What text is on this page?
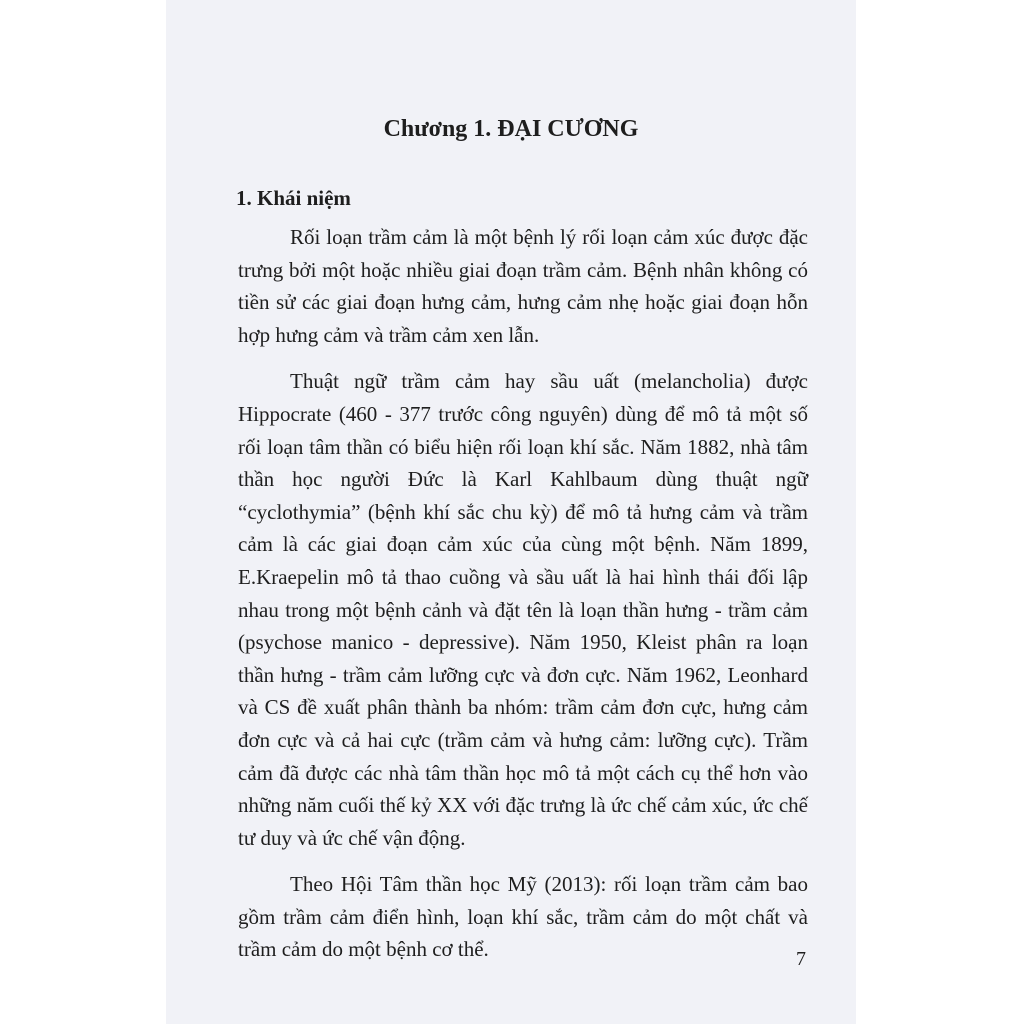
Chương 1. ĐẠI CƯƠNG
1. Khái niệm

Rối loạn trầm cảm là một bệnh lý rối loạn cảm xúc được đặc trưng bởi một hoặc nhiều giai đoạn trầm cảm. Bệnh nhân không có tiền sử các giai đoạn hưng cảm, hưng cảm nhẹ hoặc giai đoạn hỗn hợp hưng cảm và trầm cảm xen lẫn.

Thuật ngữ trầm cảm hay sầu uất (melancholia) được Hippocrate (460 - 377 trước công nguyên) dùng để mô tả một số rối loạn tâm thần có biểu hiện rối loạn khí sắc. Năm 1882, nhà tâm thần học người Đức là Karl Kahlbaum dùng thuật ngữ “cyclothymia” (bệnh khí sắc chu kỳ) để mô tả hưng cảm và trầm cảm là các giai đoạn cảm xúc của cùng một bệnh. Năm 1899, E.Kraepelin mô tả thao cuồng và sầu uất là hai hình thái đối lập nhau trong một bệnh cảnh và đặt tên là loạn thần hưng - trầm cảm (psychose manico - depressive). Năm 1950, Kleist phân ra loạn thần hưng - trầm cảm lưỡng cực và đơn cực. Năm 1962, Leonhard và CS đề xuất phân thành ba nhóm: trầm cảm đơn cực, hưng cảm đơn cực và cả hai cực (trầm cảm và hưng cảm: lưỡng cực). Trầm cảm đã được các nhà tâm thần học mô tả một cách cụ thể hơn vào những năm cuối thế kỷ XX với đặc trưng là ức chế cảm xúc, ức chế tư duy và ức chế vận động.

Theo Hội Tâm thần học Mỹ (2013): rối loạn trầm cảm bao gồm trầm cảm điển hình, loạn khí sắc, trầm cảm do một chất và trầm cảm do một bệnh cơ thể.	7
